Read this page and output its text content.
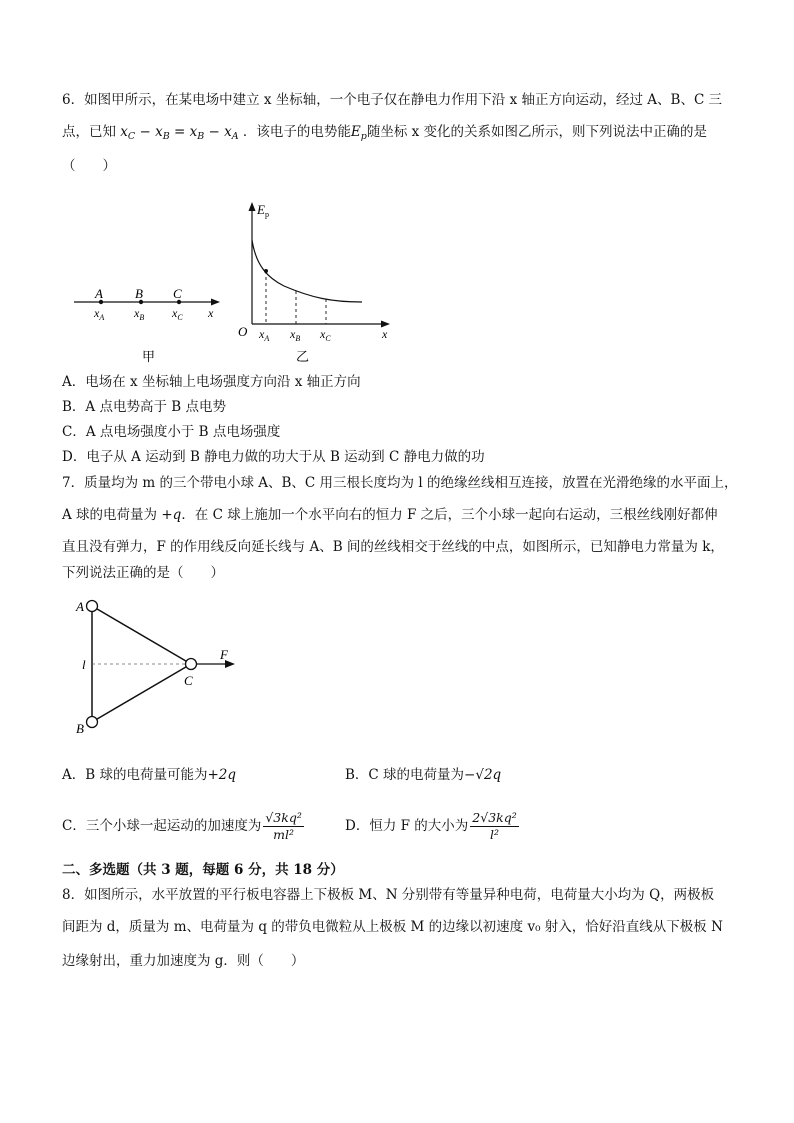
6．如图甲所示，在某电场中建立 x 坐标轴，一个电子仅在静电力作用下沿 x 轴正方向运动，经过 A、B、C 三
点，已知 $x_C - x_B = x_B - x_A$ ．该电子的电势能$E_p$随坐标 x 变化的关系如图乙所示，则下列说法中正确的是
（　　）
A B C
$x_A$ $x_B$ $x_C$ x
甲
$E_p$
O $x_A$ $x_B$ $x_C$	x
乙
A．电场在 x 坐标轴上电场强度方向沿 x 轴正方向
B．A 点电势高于 B 点电势
C．A 点电场强度小于 B 点电场强度
D．电子从 A 运动到 B 静电力做的功大于从 B 运动到 C 静电力做的功
7．质量均为 m 的三个带电小球 A、B、C 用三根长度均为 l 的绝缘丝线相互连接，放置在光滑绝缘的水平面上，
A 球的电荷量为 +q．在 C 球上施加一个水平向右的恒力 F 之后，三个小球一起向右运动，三根丝线刚好都伸
直且没有弹力，F 的作用线反向延长线与 A、B 间的丝线相交于丝线的中点，如图所示，已知静电力常量为 k，
下列说法正确的是（　　）
A
B
C
F
l
A．B 球的电荷量可能为+2q	B．C 球的电荷量为−√2q
C．三个小球一起运动的加速度为 $\frac{\text{√3kq²}}{\text{ml²}}$	D．恒力 F 的大小为 $\frac{\text{2√3kq²}}{\text{l²}}$
二、多选题（共 3 题，每题 6 分，共 18 分）
8．如图所示，水平放置的平行板电容器上下极板 M、N 分别带有等量异种电荷，电荷量大小均为 Q，两极板
间距为 d，质量为 m、电荷量为 q 的带负电微粒从上极板 M 的边缘以初速度 v₀ 射入，恰好沿直线从下极板 N
边缘射出，重力加速度为 g．则（　　）
